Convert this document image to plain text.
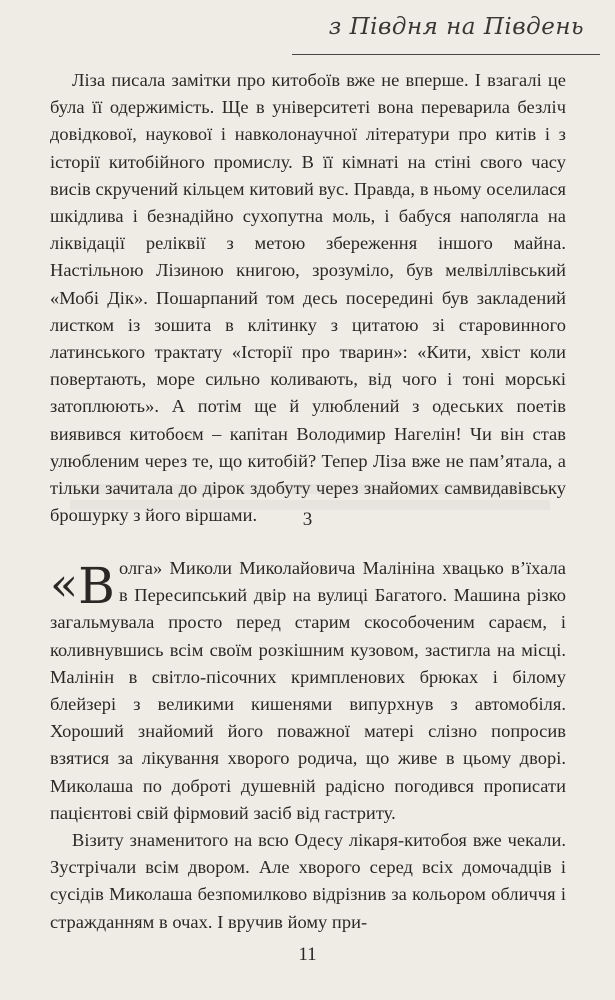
з Півдня на Південь

Ліза писала замітки про китобоїв вже не вперше. І взагалі це була її одержимість. Ще в університеті вона переварила безліч довідкової, наукової і навколонаучної літератури про китів і з історії китобійного промислу. В її кімнаті на стіні свого часу висів скручений кільцем китовий вус. Правда, в ньому оселилася шкідлива і безнадійно сухопутна моль, і бабуся наполягла на ліквідації реліквії з метою збереження іншого майна. Настільною Лізиною книгою, зрозуміло, був мелвіллівський «Мобі Дік». Пошарпаний том десь посередині був закладений листком із зошита в клітинку з цитатою зі старовинного латинського трактату «Історії про тварин»: «Кити, хвіст коли повертають, море сильно коливають, від чого і тоні морські затоплюють». А потім ще й улюблений з одеських поетів виявився китобоєм – капітан Володимир Нагелін! Чи він став улюбленим через те, що китобій? Тепер Ліза вже не пам’ятала, а тільки зачитала до дірок здобуту через знайомих самвидавівську брошурку з його віршами.	3
« В олга» Миколи Миколайовича Малініна хвацько в’їхала в Пересипський двір на вулиці Багатого. Машина різко загальмувала просто перед старим скособоченим сараєм, і коливнувшись всім своїм розкішним кузовом, застигла на місці. Малінін в світло-пісочних кримпленових брюках і білому блейзері з великими кишенями випурхнув з автомобіля. Хороший знайомий його поважної матері слізно попросив взятися за лікування хворого родича, що живе в цьому дворі. Миколаша по доброті душевній радісно погодився прописати пацієнтові свій фірмовий засіб від гастриту.

Візиту знаменитого на всю Одесу лікаря-китобоя вже чекали. Зустрічали всім двором. Але хворого серед всіх домочадців і сусідів Миколаша безпомилково відрізнив за кольором обличчя і стражданням в очах. І вручив йому при-

11
